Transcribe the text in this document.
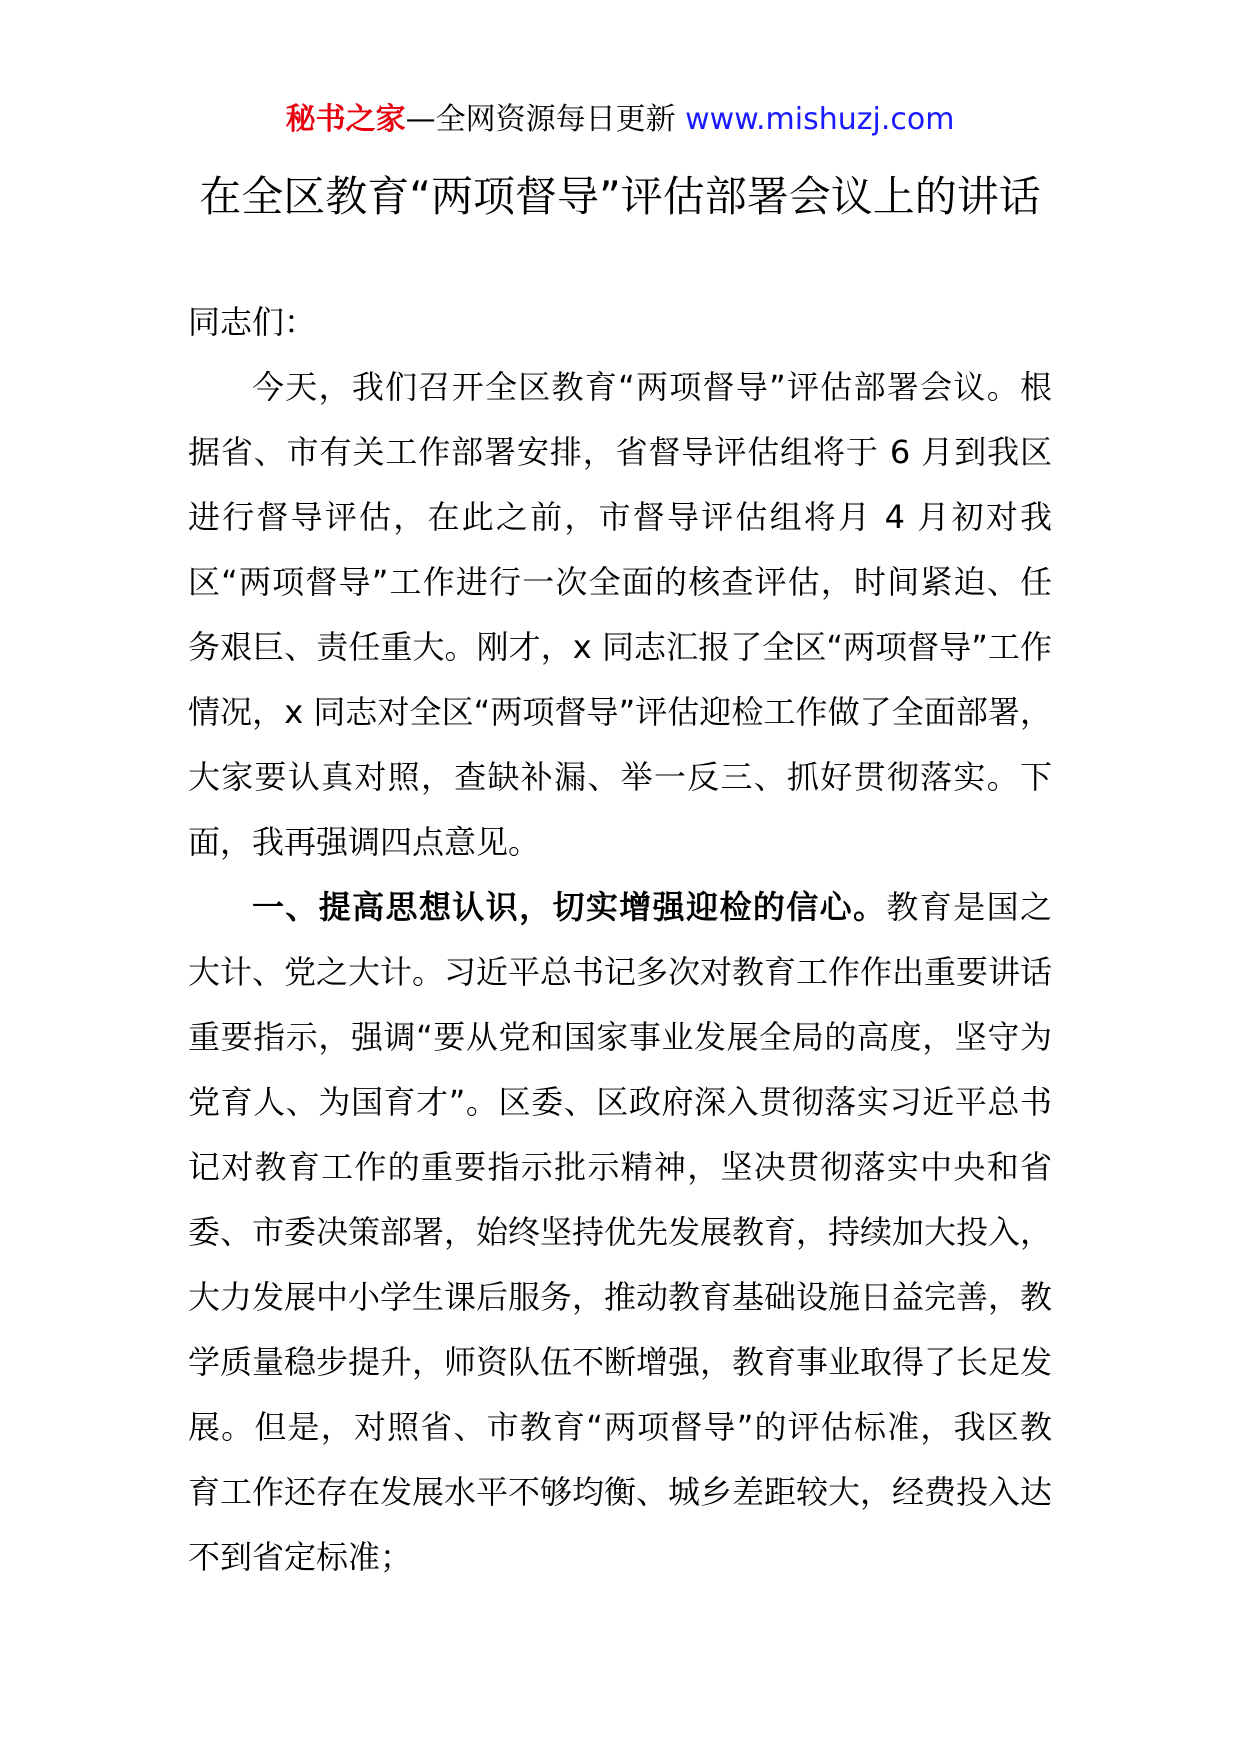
秘书之家—全网资源每日更新 www.mishuzj.com
在全区教育“两项督导”评估部署会议上的讲话

同志们：

今天，我们召开全区教育“两项督导”评估部署会议。根据省、市有关工作部署安排，省督导评估组将于 6 月到我区进行督导评估，在此之前，市督导评估组将月 4 月初对我区“两项督导”工作进行一次全面的核查评估，时间紧迫、任务艰巨、责任重大。刚才，x 同志汇报了全区“两项督导”工作情况，x 同志对全区“两项督导”评估迎检工作做了全面部署，大家要认真对照，查缺补漏、举一反三、抓好贯彻落实。下面，我再强调四点意见。

一、提高思想认识，切实增强迎检的信心。教育是国之大计、党之大计。习近平总书记多次对教育工作作出重要讲话重要指示，强调“要从党和国家事业发展全局的高度，坚守为党育人、为国育才”。区委、区政府深入贯彻落实习近平总书记对教育工作的重要指示批示精神，坚决贯彻落实中央和省委、市委决策部署，始终坚持优先发展教育，持续加大投入，大力发展中小学生课后服务，推动教育基础设施日益完善，教学质量稳步提升，师资队伍不断增强，教育事业取得了长足发展。但是，对照省、市教育“两项督导”的评估标准，我区教育工作还存在发展水平不够均衡、城乡差距较大，经费投入达不到省定标准；
